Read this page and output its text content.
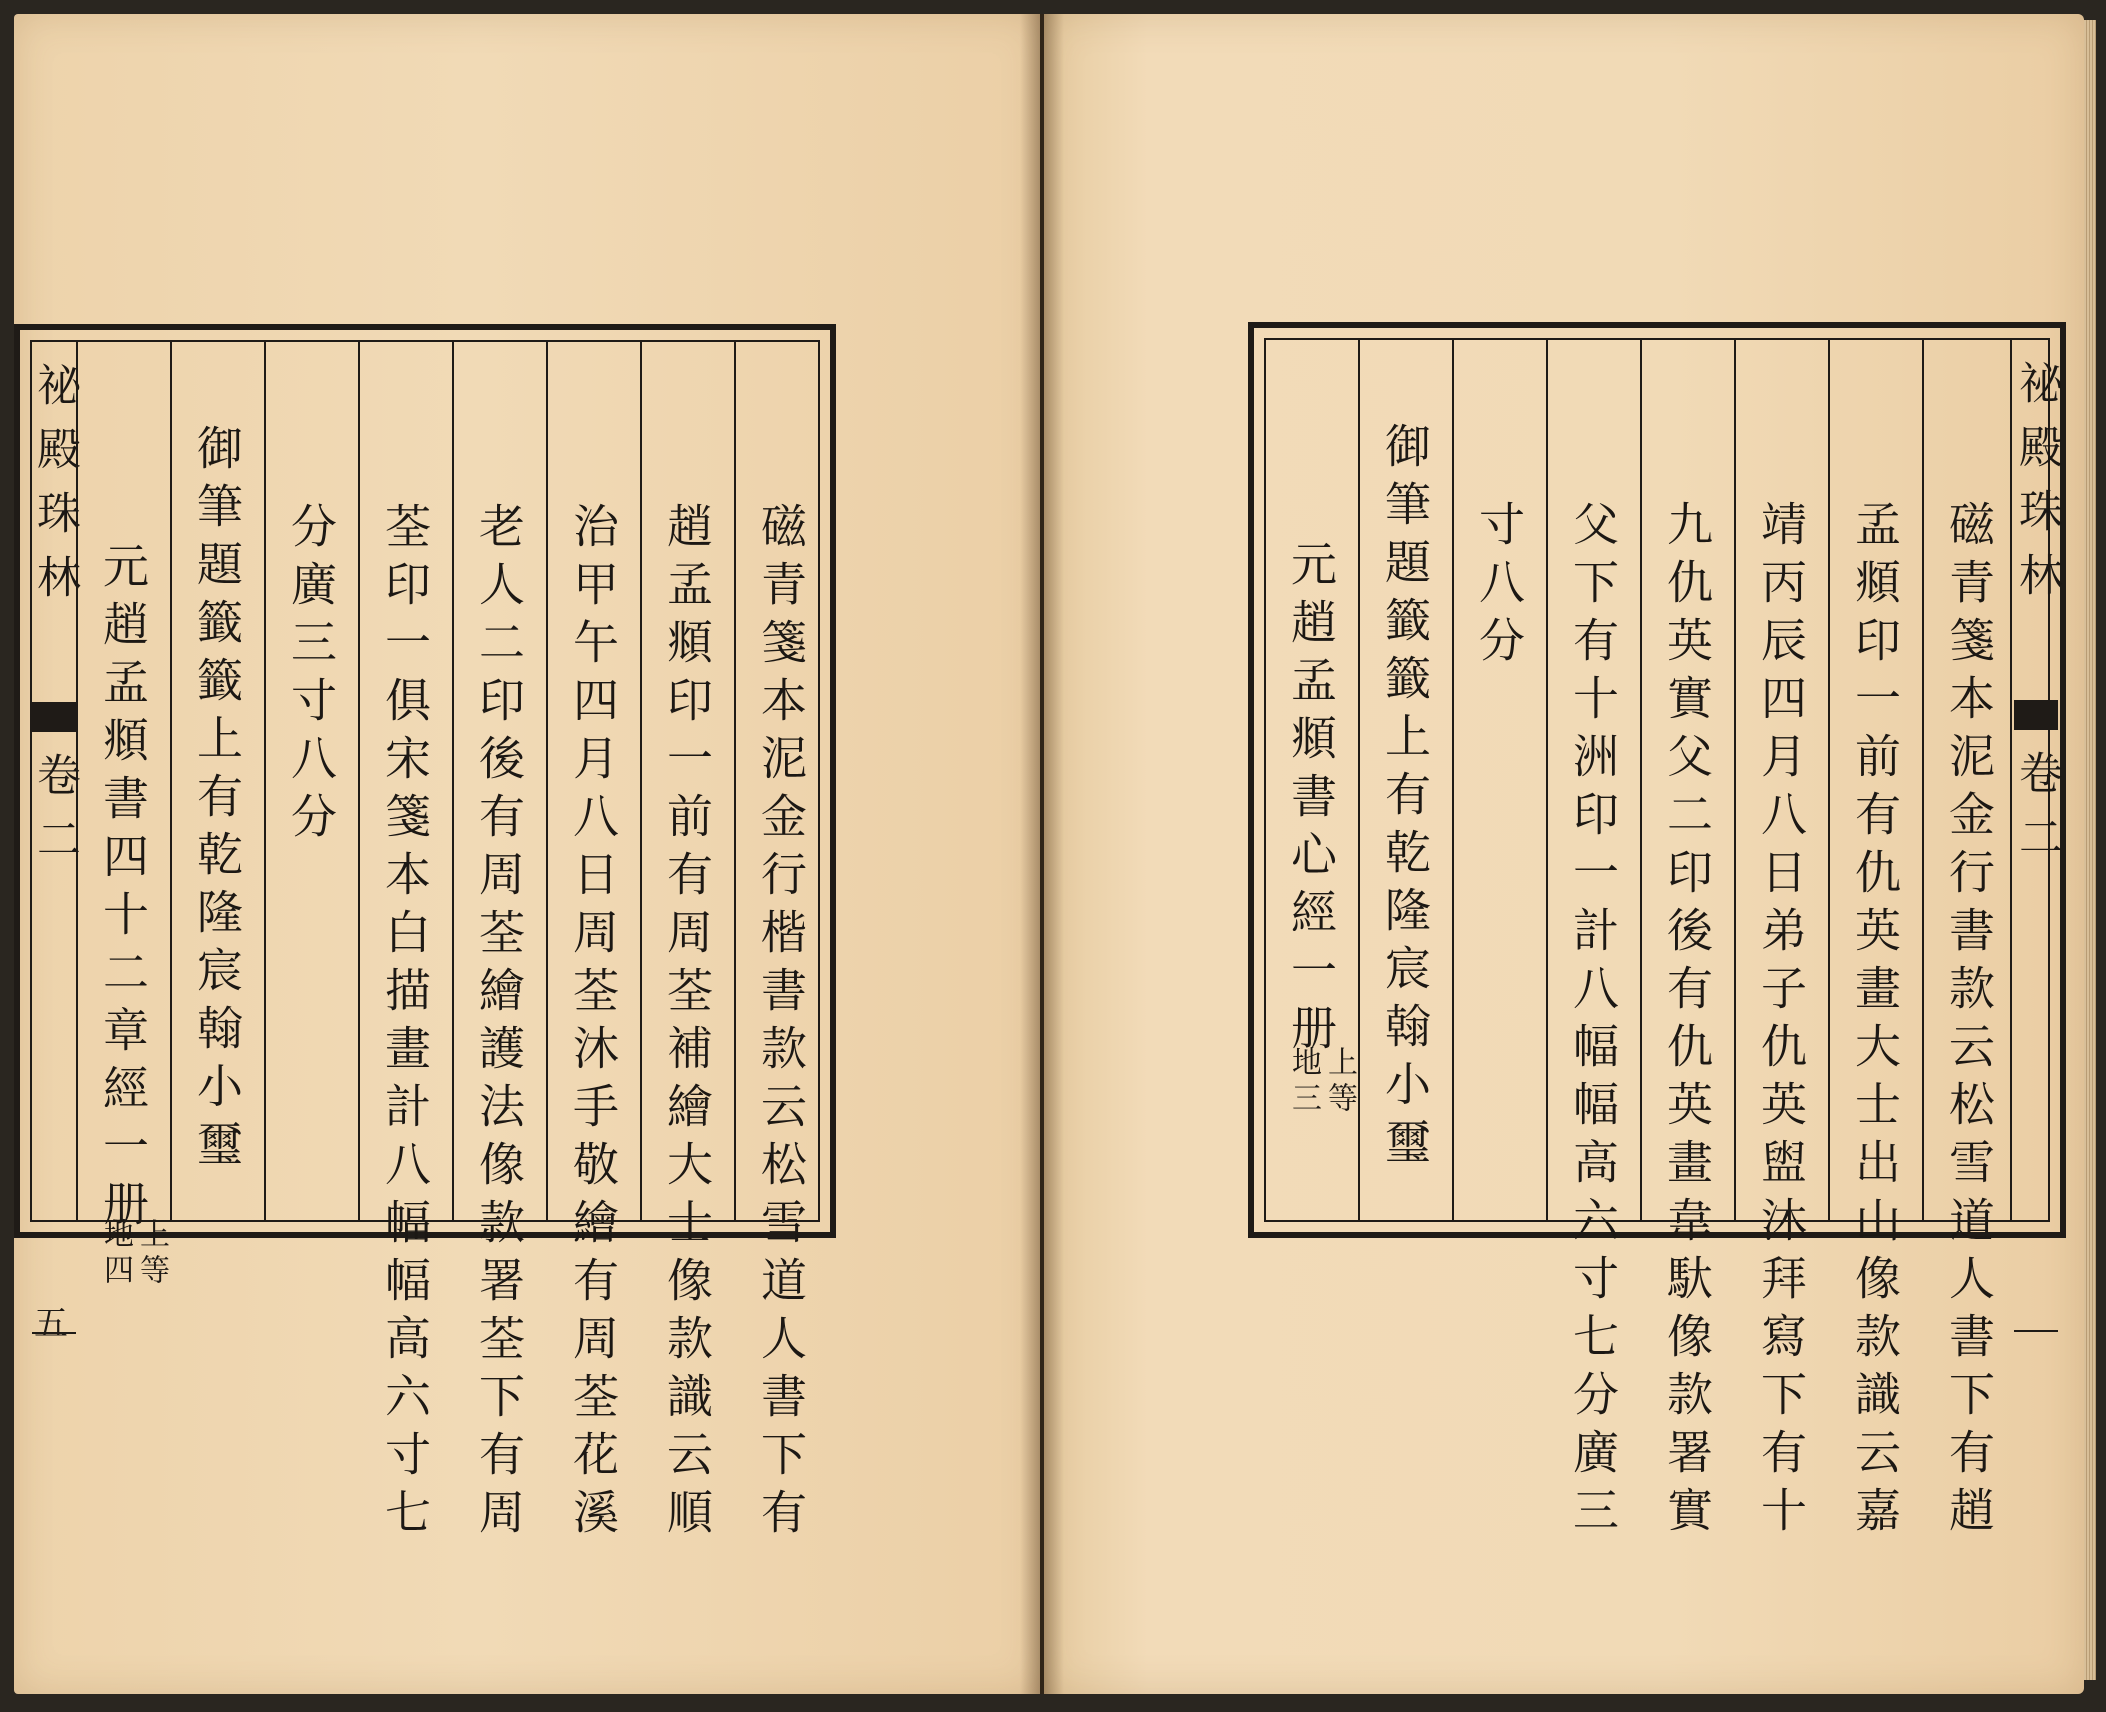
祕殿珠林
卷二
五	磁青箋本泥金行楷書款云松雪道人書下有
趙孟頫印一前有周荃補繪大士像款識云順
治甲午四月八日周荃沐手敬繪有周荃花溪
老人二印後有周荃繪護法像款署荃下有周
荃印一俱宋箋本白描畫計八幅幅高六寸七
分廣三寸八分
御筆題籤籤上有乾隆宸翰小璽
元趙孟頫書四十二章經一册
上等
地四
祕殿珠林
卷二
磁青箋本泥金行書款云松雪道人書下有趙
孟頫印一前有仇英畫大士出山像款識云嘉
靖丙辰四月八日弟子仇英盥沐拜寫下有十
九仇英實父二印後有仇英畫韋馱像款署實
父下有十洲印一計八幅幅高六寸七分廣三
寸八分
御筆題籤籤上有乾隆宸翰小璽
元趙孟頫書心經一册
上等
地三
